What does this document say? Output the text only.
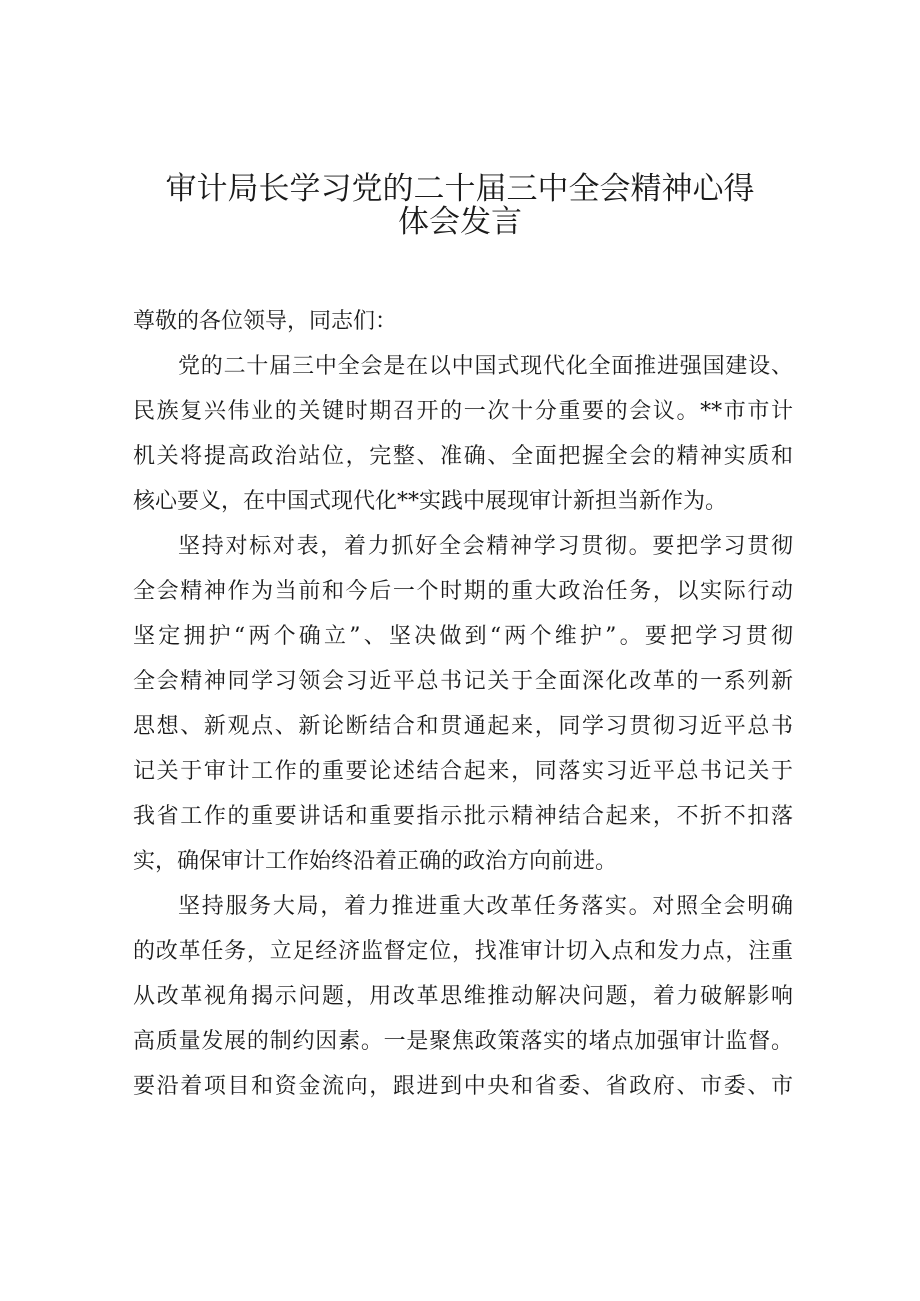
审计局长学习党的二十届三中全会精神心得
体会发言

尊敬的各位领导，同志们：

党的二十届三中全会是在以中国式现代化全面推进强国建设、

民族复兴伟业的关键时期召开的一次十分重要的会议。**市市计

机关将提高政治站位，完整、准确、全面把握全会的精神实质和

核心要义，在中国式现代化**实践中展现审计新担当新作为。

坚持对标对表，着力抓好全会精神学习贯彻。要把学习贯彻

全会精神作为当前和今后一个时期的重大政治任务，以实际行动

坚定拥护“两个确立”、坚决做到“两个维护”。要把学习贯彻

全会精神同学习领会习近平总书记关于全面深化改革的一系列新

思想、新观点、新论断结合和贯通起来，同学习贯彻习近平总书

记关于审计工作的重要论述结合起来，同落实习近平总书记关于

我省工作的重要讲话和重要指示批示精神结合起来，不折不扣落

实，确保审计工作始终沿着正确的政治方向前进。

坚持服务大局，着力推进重大改革任务落实。对照全会明确

的改革任务，立足经济监督定位，找准审计切入点和发力点，注重

从改革视角揭示问题，用改革思维推动解决问题，着力破解影响

高质量发展的制约因素。一是聚焦政策落实的堵点加强审计监督。

要沿着项目和资金流向，跟进到中央和省委、省政府、市委、市
